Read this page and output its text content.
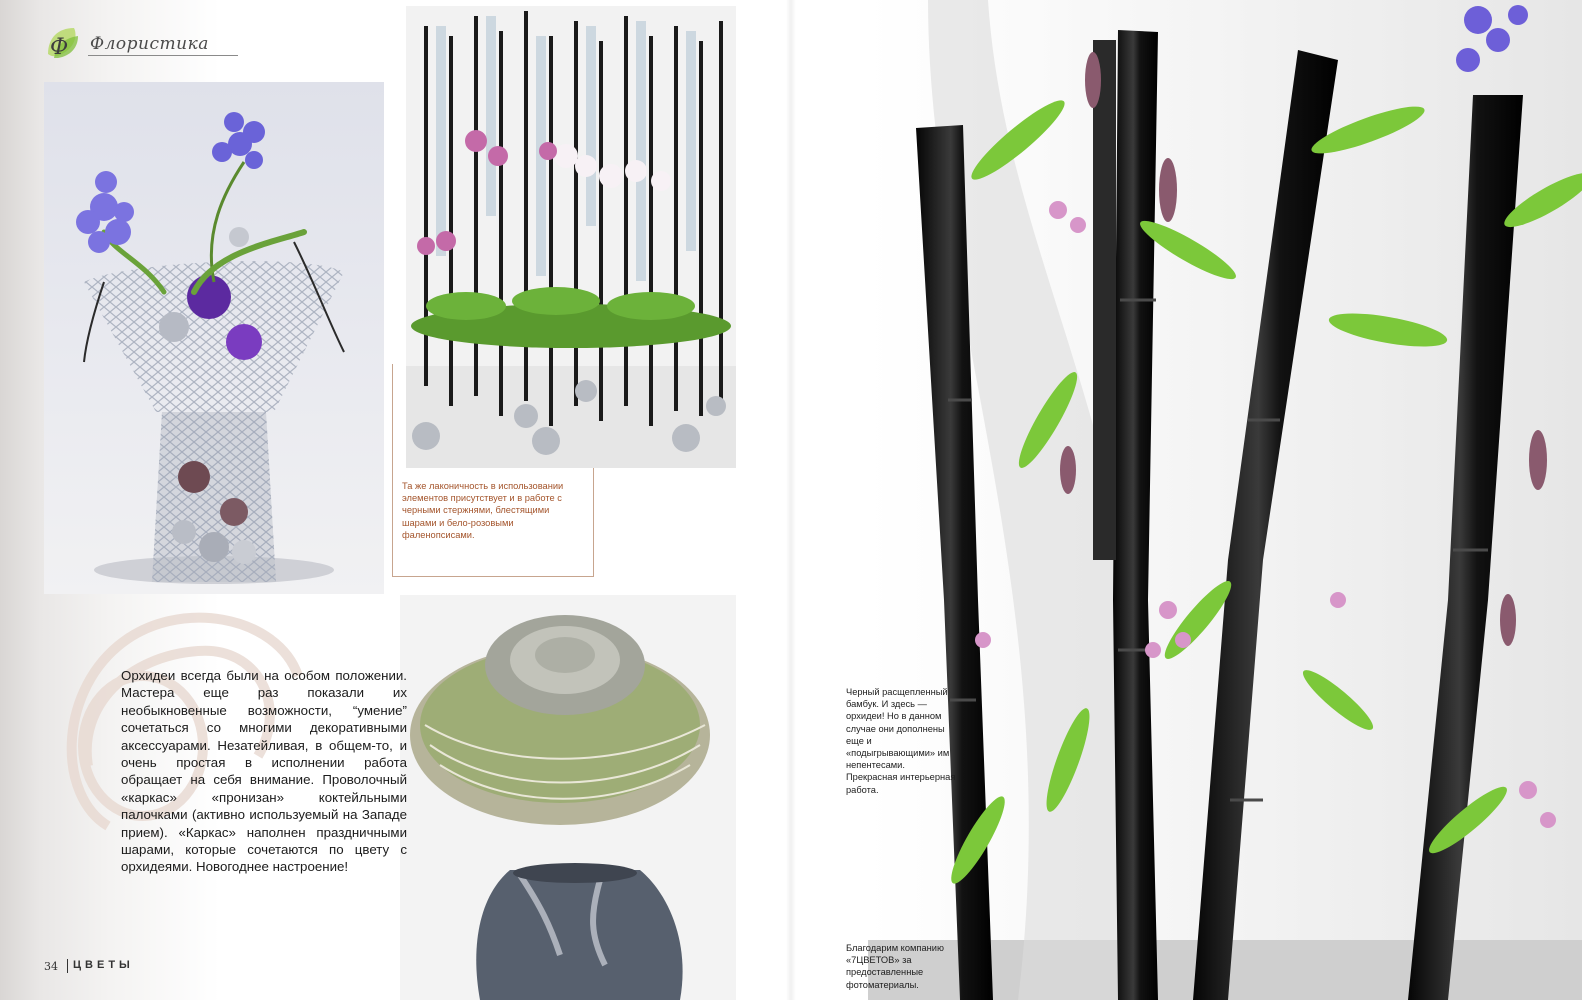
Ф Флористика
Та же лаконичность в использовании элементов присутствует и в работе с черными стержнями, блестящими шарами и бело-розовыми фаленопсисами.
Орхидеи всегда были на особом положении. Мастера еще раз показали их необыкновенные возможности, “умение” сочетаться со многими декоративными аксессуарами. Незатейливая, в общем-то, и очень простая в исполнении работа обращает на себя внимание. Проволочный «каркас» «пронизан» коктейльными палочками (активно используемый на Западе прием). «Каркас» наполнен праздничными шарами, которые сочетаются по цвету с орхидеями. Новогоднее настроение!
34 ЦВЕТЫ
Черный расщепленный бамбук. И здесь — орхидеи! Но в данном случае они дополнены еще и «подыгрывающими» им непентесами. Прекрасная интерьерная работа.
Благодарим компанию «7ЦВЕТОВ» за предоставленные фотоматериалы.
